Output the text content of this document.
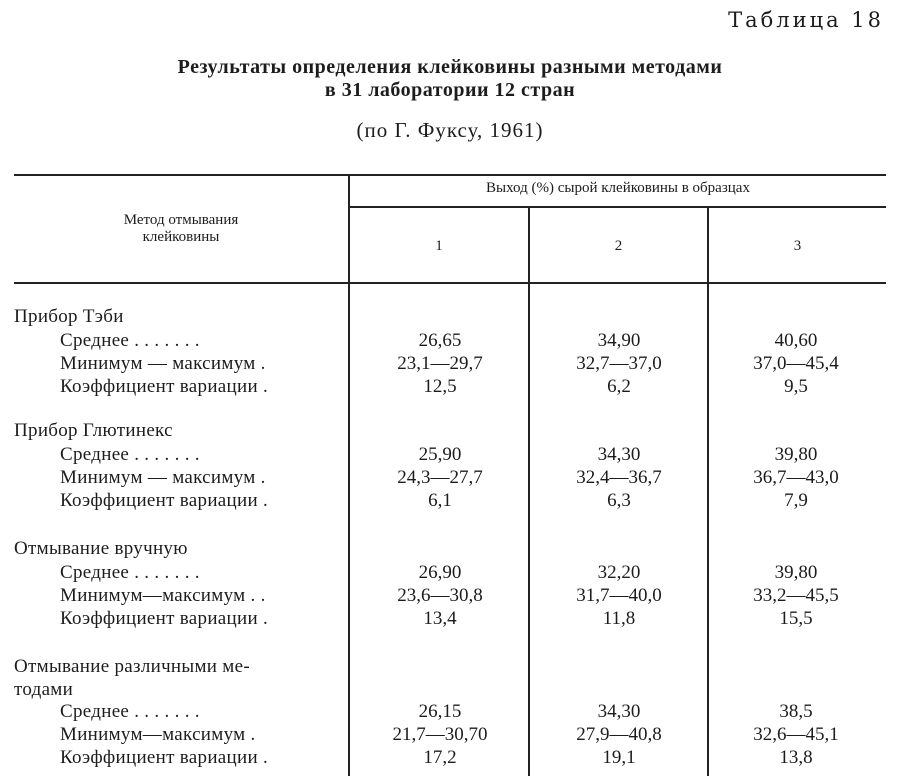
Таблица 18
Результаты определения клейковины разными методами
в 31 лаборатории 12 стран
(по Г. Фуксу, 1961)
Метод отмывания
клейковины
Выход (%) сырой клейковины в образцах
1	2	3
Прибор Тэби
Среднее . . . . . . .	26,65	34,90	40,60
Минимум — максимум .	23,1—29,7	32,7—37,0	37,0—45,4
Коэффициент вариации .	12,5	6,2	9,5
Прибор Глютинекс
Среднее . . . . . . .	25,90	34,30	39,80
Минимум — максимум .	24,3—27,7	32,4—36,7	36,7—43,0
Коэффициент вариации .	6,1	6,3	7,9
Отмывание вручную
Среднее . . . . . . .	26,90	32,20	39,80
Минимум—максимум . .	23,6—30,8	31,7—40,0	33,2—45,5
Коэффициент вариации .	13,4	11,8	15,5
Отмывание различными ме-
тодами
Среднее . . . . . . .	26,15	34,30	38,5
Минимум—максимум .	21,7—30,70	27,9—40,8	32,6—45,1
Коэффициент вариации .	17,2	19,1	13,8
